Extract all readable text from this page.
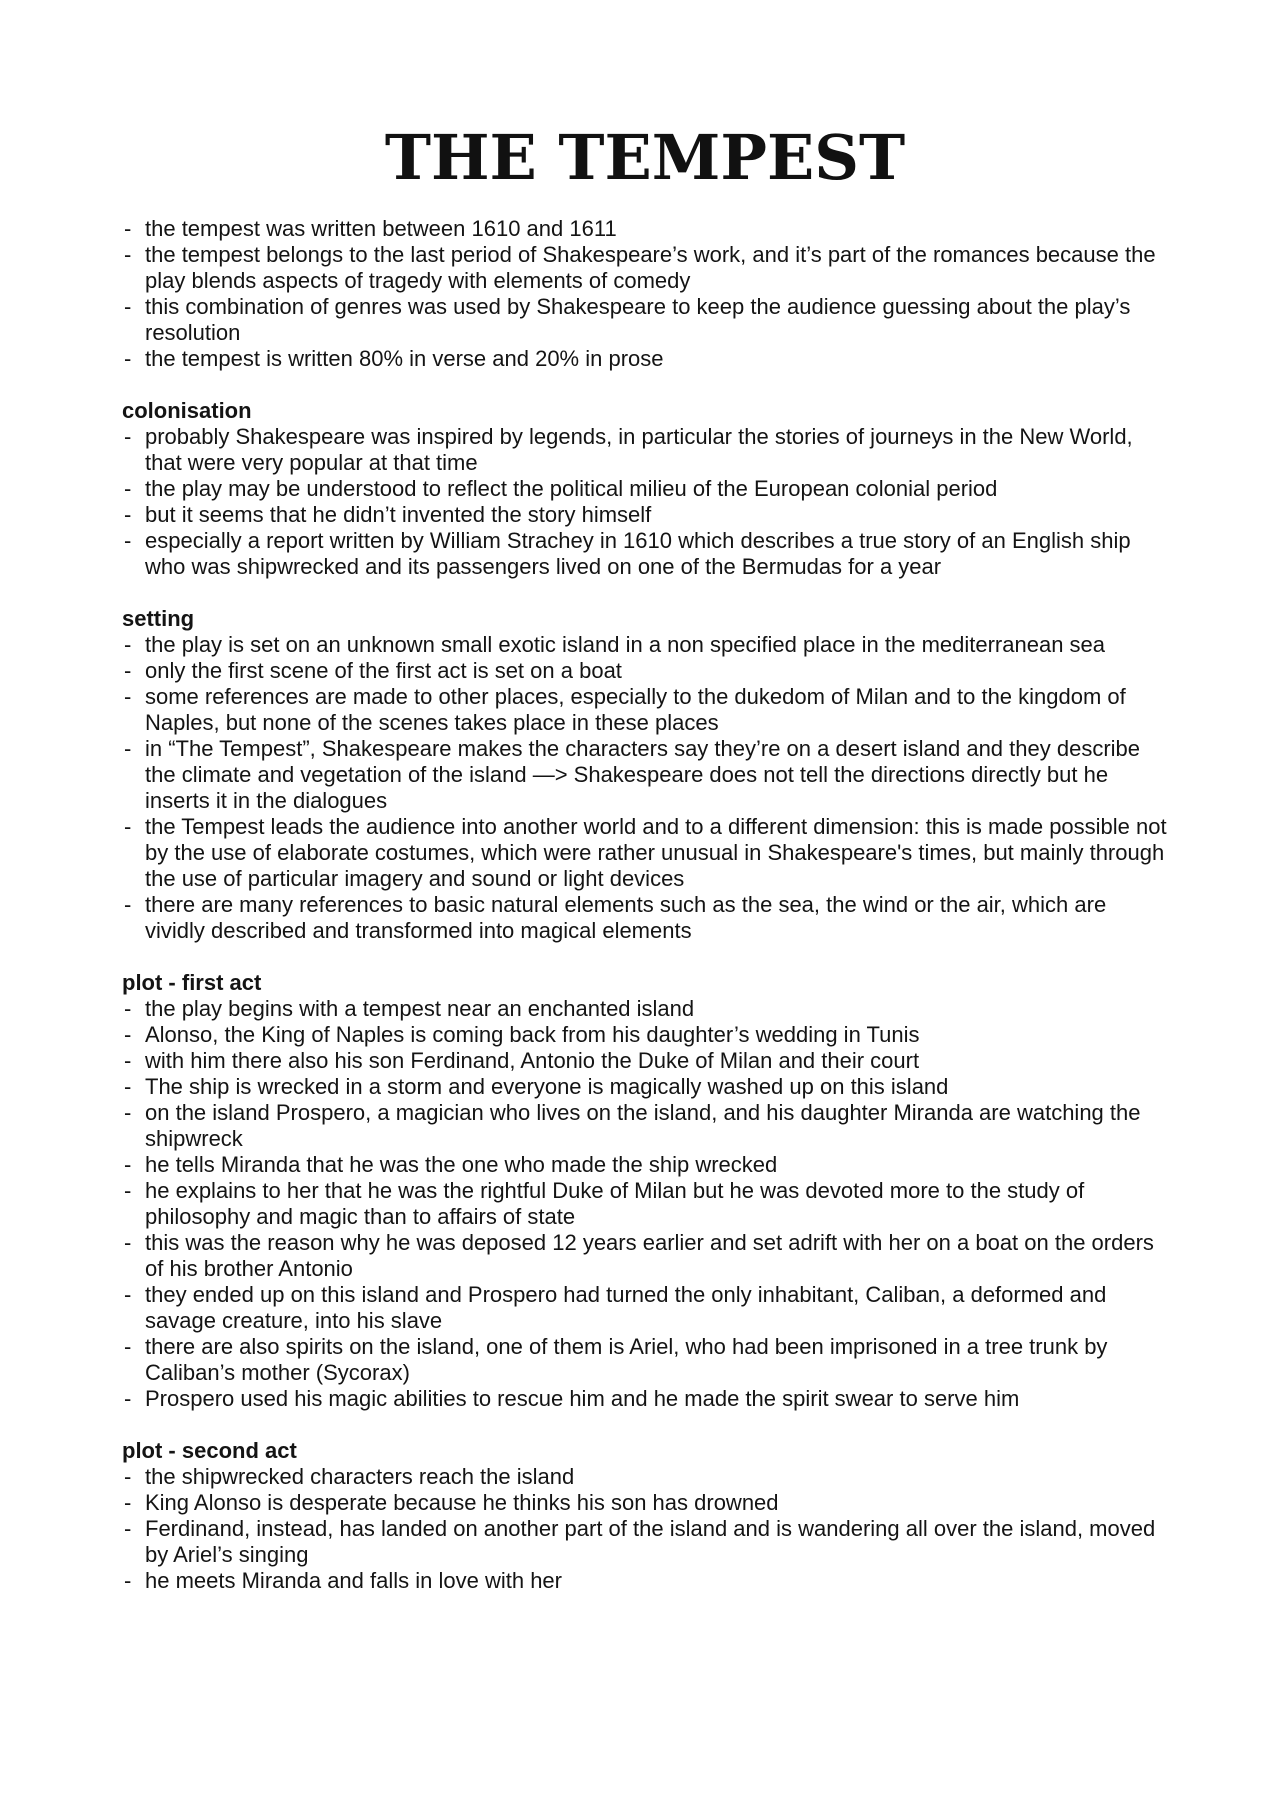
THE TEMPEST
- the tempest was written between 1610 and 1611
- the tempest belongs to the last period of Shakespeare’s work, and it’s part of the romances because the play blends aspects of tragedy with elements of comedy
- this combination of genres was used by Shakespeare to keep the audience guessing about the play’s resolution
- the tempest is written 80% in verse and 20% in prose
colonisation
- probably Shakespeare was inspired by legends, in particular the stories of journeys in the New World, that were very popular at that time
- the play may be understood to reflect the political milieu of the European colonial period
- but it seems that he didn’t invented the story himself
- especially a report written by William Strachey in 1610 which describes a true story of an English ship who was shipwrecked and its passengers lived on one of the Bermudas for a year
setting
- the play is set on an unknown small exotic island in a non specified place in the mediterranean sea
- only the first scene of the first act is set on a boat
- some references are made to other places, especially to the dukedom of Milan and to the kingdom of Naples, but none of the scenes takes place in these places
- in “The Tempest”, Shakespeare makes the characters say they’re on a desert island and they describe the climate and vegetation of the island —> Shakespeare does not tell the directions directly but he inserts it in the dialogues
- the Tempest leads the audience into another world and to a different dimension: this is made possible not by the use of elaborate costumes, which were rather unusual in Shakespeare's times, but mainly through the use of particular imagery and sound or light devices
- there are many references to basic natural elements such as the sea, the wind or the air, which are vividly described and transformed into magical elements
plot - first act
- the play begins with a tempest near an enchanted island
- Alonso, the King of Naples is coming back from his daughter’s wedding in Tunis
- with him there also his son Ferdinand, Antonio the Duke of Milan and their court
- The ship is wrecked in a storm and everyone is magically washed up on this island
- on the island Prospero, a magician who lives on the island, and his daughter Miranda are watching the shipwreck
- he tells Miranda that he was the one who made the ship wrecked
- he explains to her that he was the rightful Duke of Milan but he was devoted more to the study of philosophy and magic than to affairs of state
- this was the reason why he was deposed 12 years earlier and set adrift with her on a boat on the orders of his brother Antonio
- they ended up on this island and Prospero had turned the only inhabitant, Caliban, a deformed and savage creature, into his slave
- there are also spirits on the island, one of them is Ariel, who had been imprisoned in a tree trunk by Caliban’s mother (Sycorax)
- Prospero used his magic abilities to rescue him and he made the spirit swear to serve him
plot - second act
- the shipwrecked characters reach the island
- King Alonso is desperate because he thinks his son has drowned
- Ferdinand, instead, has landed on another part of the island and is wandering all over the island, moved by Ariel’s singing
- he meets Miranda and falls in love with her
